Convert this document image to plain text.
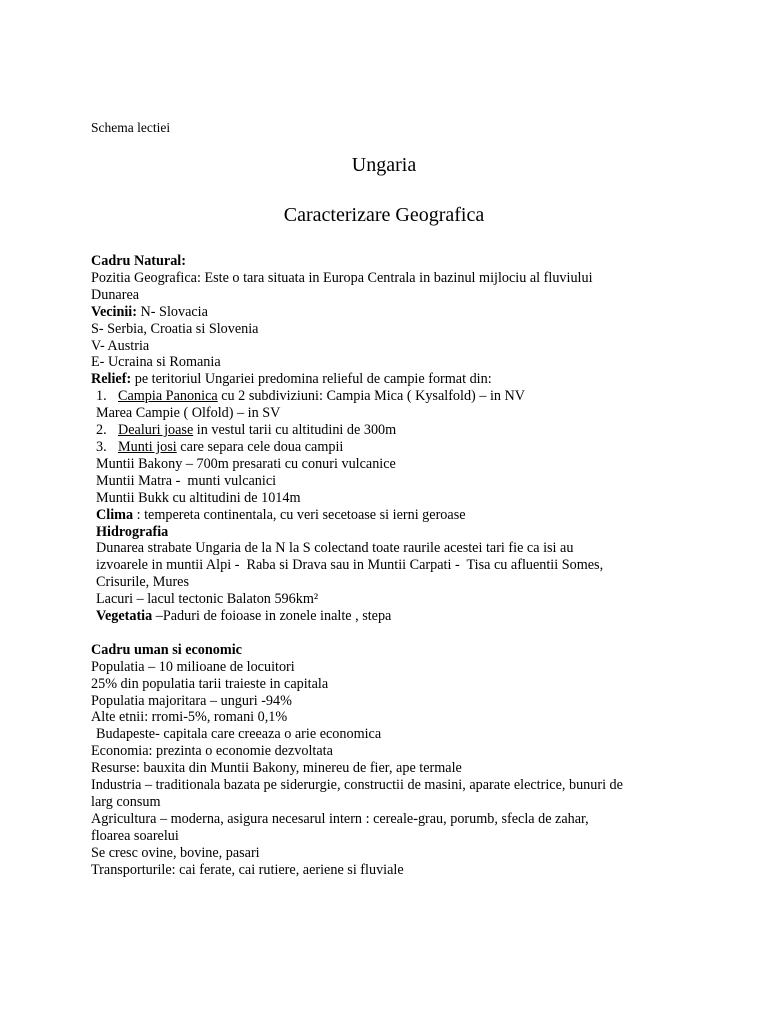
Schema lectiei
Ungaria
Caracterizare Geografica
Cadru Natural:
Pozitia Geografica: Este o tara situata in Europa Centrala in bazinul mijlociu al fluviului
Dunarea
Vecinii: N- Slovacia
S- Serbia, Croatia si Slovenia
V- Austria
E- Ucraina si Romania
Relief: pe teritoriul Ungariei predomina relieful de campie format din:
1. Campia Panonica cu 2 subdiviziuni: Campia Mica ( Kysalfold) – in NV
Marea Campie ( Olfold) – in SV
2. Dealuri joase in vestul tarii cu altitudini de 300m
3. Munti josi care separa cele doua campii
Muntii Bakony – 700m presarati cu conuri vulcanice
Muntii Matra -  munti vulcanici
Muntii Bukk cu altitudini de 1014m
Clima : tempereta continentala, cu veri secetoase si ierni geroase
Hidrografia
Dunarea strabate Ungaria de la N la S colectand toate raurile acestei tari fie ca isi au
izvoarele in muntii Alpi -  Raba si Drava sau in Muntii Carpati -  Tisa cu afluentii Somes,
Crisurile, Mures
Lacuri – lacul tectonic Balaton 596km²
Vegetatia –Paduri de foioase in zonele inalte , stepa
Cadru uman si economic
Populatia – 10 milioane de locuitori
25% din populatia tarii traieste in capitala
Populatia majoritara – unguri -94%
Alte etnii: rromi-5%, romani 0,1%
Budapeste- capitala care creeaza o arie economica
Economia: prezinta o economie dezvoltata
Resurse: bauxita din Muntii Bakony, minereu de fier, ape termale
Industria – traditionala bazata pe siderurgie, constructii de masini, aparate electrice, bunuri de
larg consum
Agricultura – moderna, asigura necesarul intern : cereale-grau, porumb, sfecla de zahar,
floarea soarelui
Se cresc ovine, bovine, pasari
Transporturile: cai ferate, cai rutiere, aeriene si fluviale
